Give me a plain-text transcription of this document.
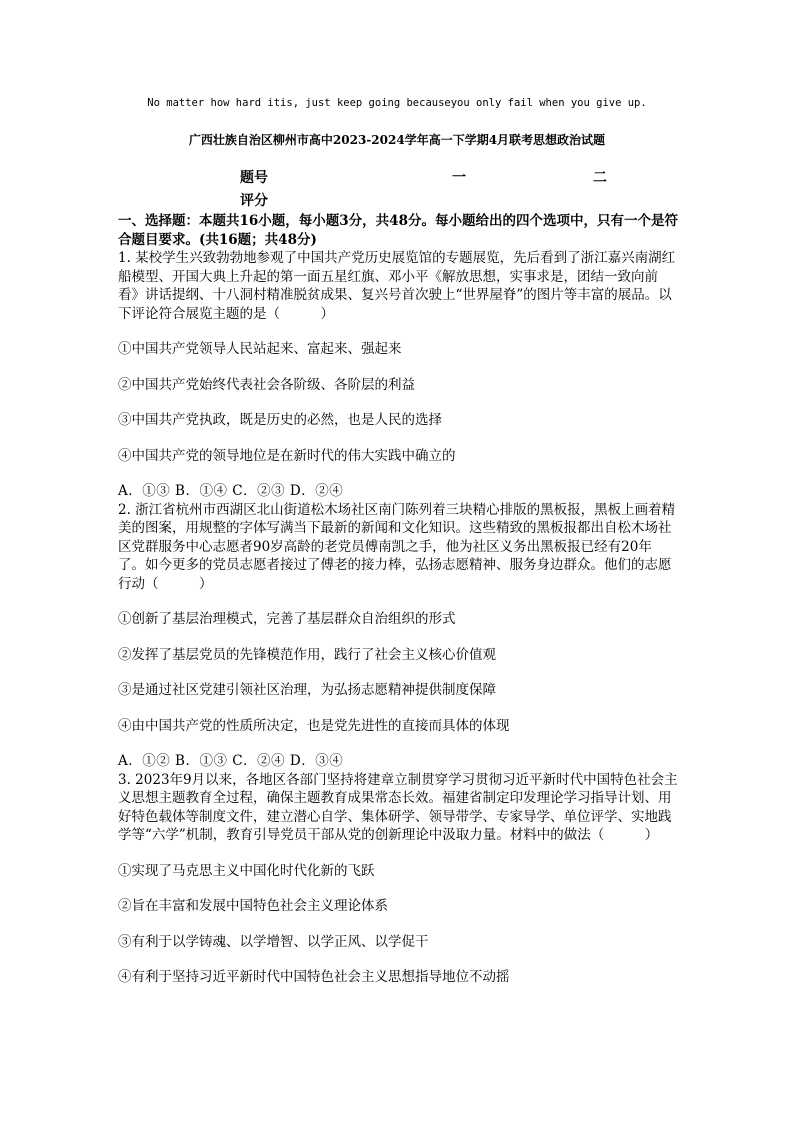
No matter how hard itis, just keep going becauseyou only fail when you give up.
广西壮族自治区柳州市高中2023-2024学年高一下学期4月联考思想政治试题
题号	一	二
评分
一、选择题：本题共16小题，每小题3分，共48分。每小题给出的四个选项中，只有一个是符合题目要求。(共16题；共48分)

1. 某校学生兴致勃勃地参观了中国共产党历史展览馆的专题展览，先后看到了浙江嘉兴南湖红船模型、开国大典上升起的第一面五星红旗、邓小平《解放思想，实事求是，团结一致向前看》讲话提纲、十八洞村精准脱贫成果、复兴号首次驶上“世界屋脊”的图片等丰富的展品。以下评论符合展览主题的是（　　　）

①中国共产党领导人民站起来、富起来、强起来

②中国共产党始终代表社会各阶级、各阶层的利益

③中国共产党执政，既是历史的必然，也是人民的选择

④中国共产党的领导地位是在新时代的伟大实践中确立的

A．①③ B．①④ C．②③ D．②④

2. 浙江省杭州市西湖区北山街道松木场社区南门陈列着三块精心排版的黑板报，黑板上画着精美的图案，用规整的字体写满当下最新的新闻和文化知识。这些精致的黑板报都出自松木场社区党群服务中心志愿者90岁高龄的老党员傅南凯之手，他为社区义务出黑板报已经有20年了。如今更多的党员志愿者接过了傅老的接力棒，弘扬志愿精神、服务身边群众。他们的志愿行动（　　　）

①创新了基层治理模式，完善了基层群众自治组织的形式

②发挥了基层党员的先锋模范作用，践行了社会主义核心价值观

③是通过社区党建引领社区治理，为弘扬志愿精神提供制度保障

④由中国共产党的性质所决定，也是党先进性的直接而具体的体现

A．①② B．①③ C．②④ D．③④

3. 2023年9月以来，各地区各部门坚持将建章立制贯穿学习贯彻习近平新时代中国特色社会主义思想主题教育全过程，确保主题教育成果常态长效。福建省制定印发理论学习指导计划、用好特色载体等制度文件，建立潜心自学、集体研学、领导带学、专家导学、单位评学、实地践学等“六学”机制，教育引导党员干部从党的创新理论中汲取力量。材料中的做法（　　　）

①实现了马克思主义中国化时代化新的飞跃

②旨在丰富和发展中国特色社会主义理论体系

③有利于以学铸魂、以学增智、以学正风、以学促干

④有利于坚持习近平新时代中国特色社会主义思想指导地位不动摇
